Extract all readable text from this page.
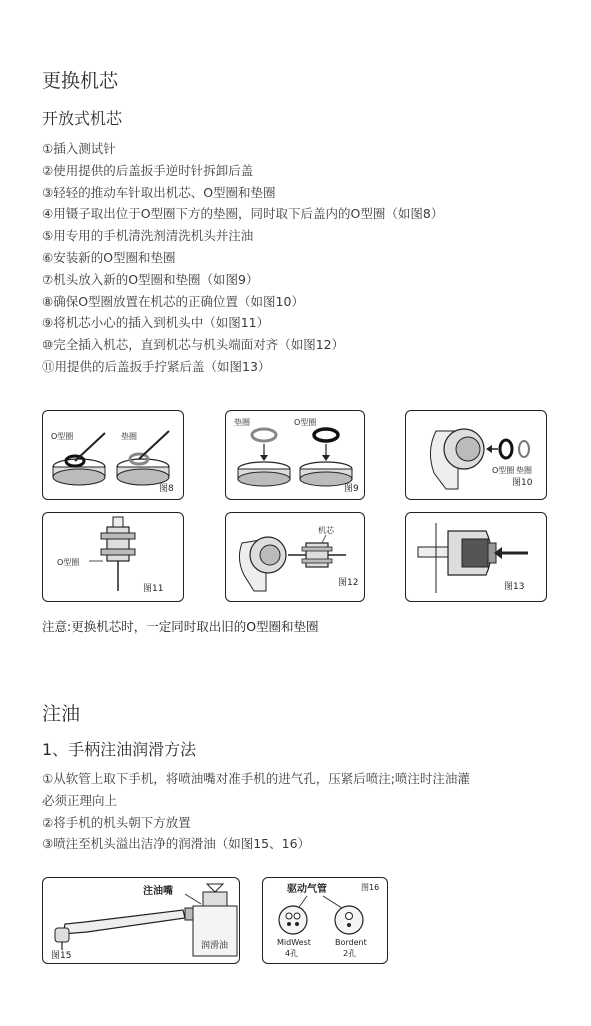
更换机芯
开放式机芯
①插入测试针
②使用提供的后盖扳手逆时针拆卸后盖
③轻轻的推动车针取出机芯、O型圈和垫圈
④用镊子取出位于O型圈下方的垫圈，同时取下后盖内的O型圈（如图8）
⑤用专用的手机清洗剂清洗机头并注油
⑥安装新的O型圈和垫圈
⑦机头放入新的O型圈和垫圈（如图9）
⑧确保O型圈放置在机芯的正确位置（如图10）
⑨将机芯小心的插入到机头中（如图11）
⑩完全插入机芯，直到机芯与机头端面对齐（如图12）
⑪用提供的后盖扳手拧紧后盖（如图13）
O型圈	垫圈
图8
垫圈	O型圈
图9
O型圈 垫圈
图10
O型圈
图11
机芯
图12	图13
注意:更换机芯时，一定同时取出旧的O型圈和垫圈
注油
1、手柄注油润滑方法
①从软管上取下手机，将喷油嘴对准手机的进气孔，压紧后喷注;喷注时注油灌
必须正理向上
②将手机的机头朝下方放置
③喷注至机头溢出洁净的润滑油（如图15、16）
注油嘴
润滑油
图15
驱动气管	图16
MidWest
4孔
Bordent
2孔
